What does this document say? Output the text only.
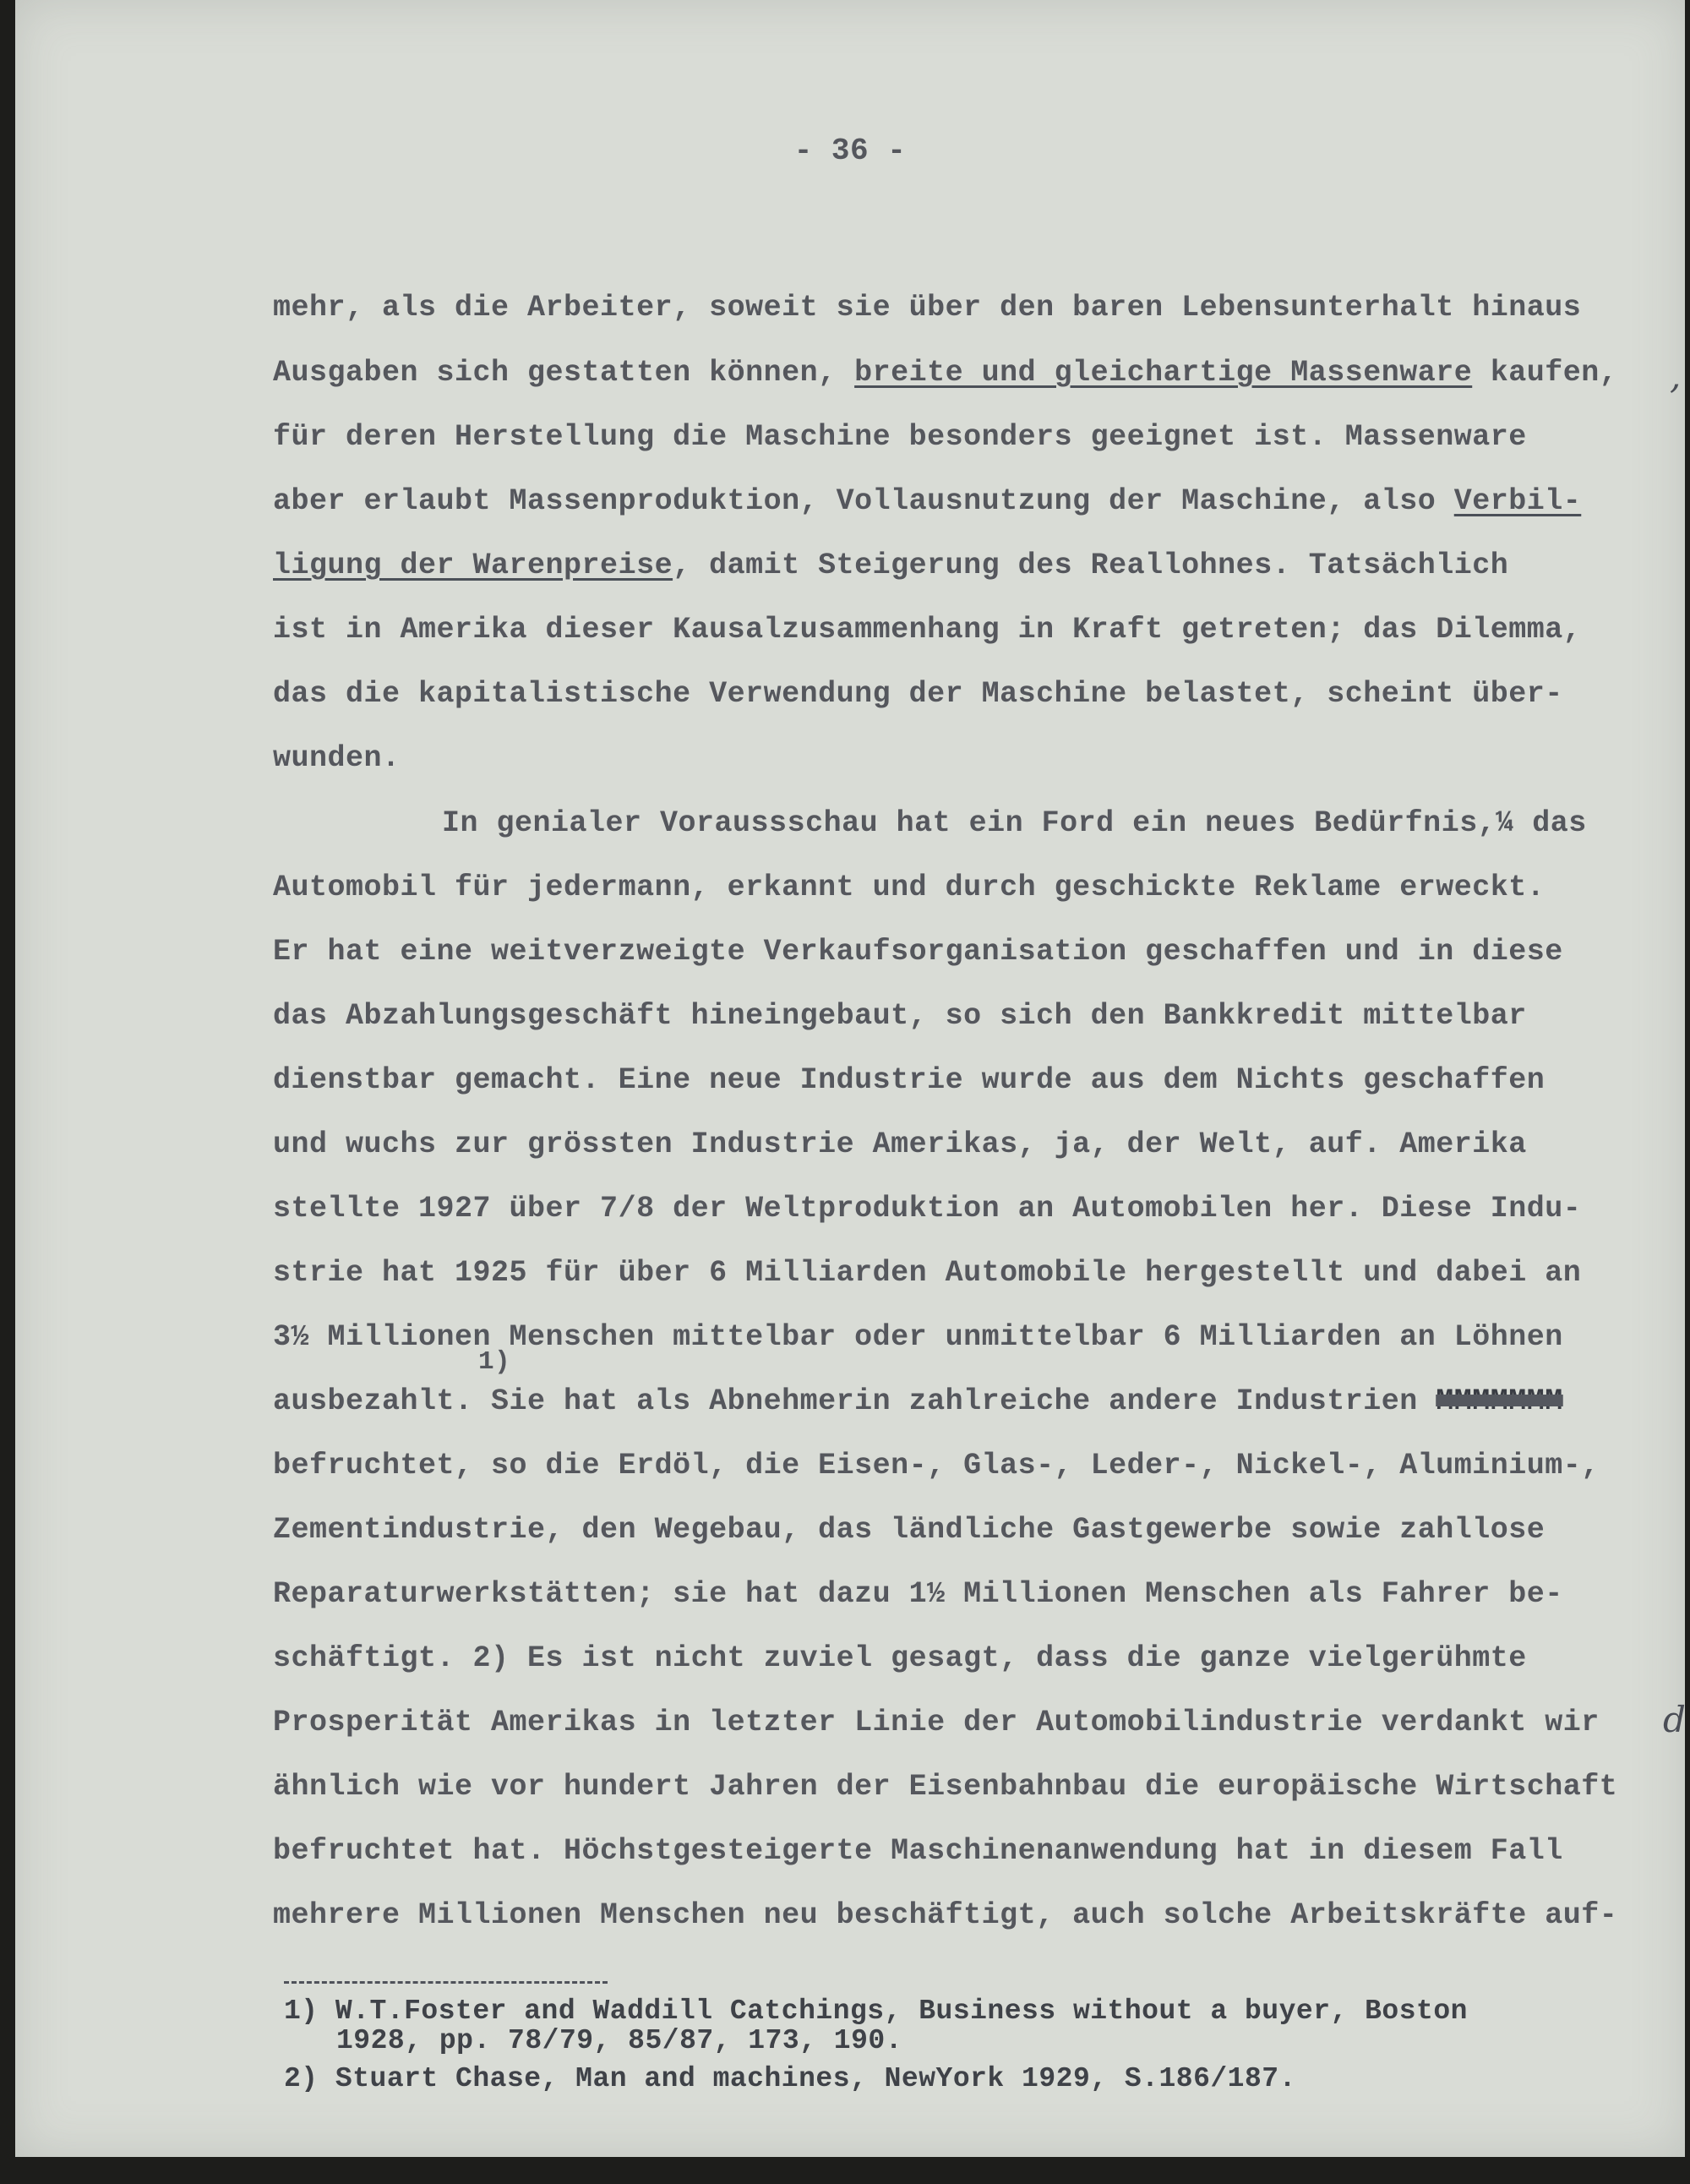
- 36 -
mehr, als die Arbeiter, soweit sie über den baren Lebensunterhalt hinaus
Ausgaben sich gestatten können, breite und gleichartige Massenware kaufen,
für deren Herstellung die Maschine besonders geeignet ist. Massenware
aber erlaubt Massenproduktion, Vollausnutzung der Maschine, also Verbil-
ligung der Warenpreise, damit Steigerung des Reallohnes. Tatsächlich
ist in Amerika dieser Kausalzusammenhang in Kraft getreten; das Dilemma,
das die kapitalistische Verwendung der Maschine belastet, scheint über-
wunden.
In genialer Voraussschau hat ein Ford ein neues Bedürfnis,¼ das
Automobil für jedermann, erkannt und durch geschickte Reklame erweckt.
Er hat eine weitverzweigte Verkaufsorganisation geschaffen und in diese
das Abzahlungsgeschäft hineingebaut, so sich den Bankkredit mittelbar
dienstbar gemacht. Eine neue Industrie wurde aus dem Nichts geschaffen
und wuchs zur grössten Industrie Amerikas, ja, der Welt, auf. Amerika
stellte 1927 über 7/8 der Weltproduktion an Automobilen her. Diese Indu-
strie hat 1925 für über 6 Milliarden Automobile hergestellt und dabei an
3½ Millionen Menschen mittelbar oder unmittelbar 6 Milliarden an Löhnen
1)
ausbezahlt. Sie hat als Abnehmerin zahlreiche andere Industrien MMMMMMM
befruchtet, so die Erdöl, die Eisen-, Glas-, Leder-, Nickel-, Aluminium-,
Zementindustrie, den Wegebau, das ländliche Gastgewerbe sowie zahllose
Reparaturwerkstätten; sie hat dazu 1½ Millionen Menschen als Fahrer be-
schäftigt. 2) Es ist nicht zuviel gesagt, dass die ganze vielgerühmte
Prosperität Amerikas in letzter Linie der Automobilindustrie verdankt wir
ähnlich wie vor hundert Jahren der Eisenbahnbau die europäische Wirtschaft
befruchtet hat. Höchstgesteigerte Maschinenanwendung hat in diesem Fall
mehrere Millionen Menschen neu beschäftigt, auch solche Arbeitskräfte auf-
,
d
1) W.T.Foster and Waddill Catchings, Business without a buyer, Boston
1928, pp. 78/79, 85/87, 173, 190.
2) Stuart Chase, Man and machines, NewYork 1929, S.186/187.
